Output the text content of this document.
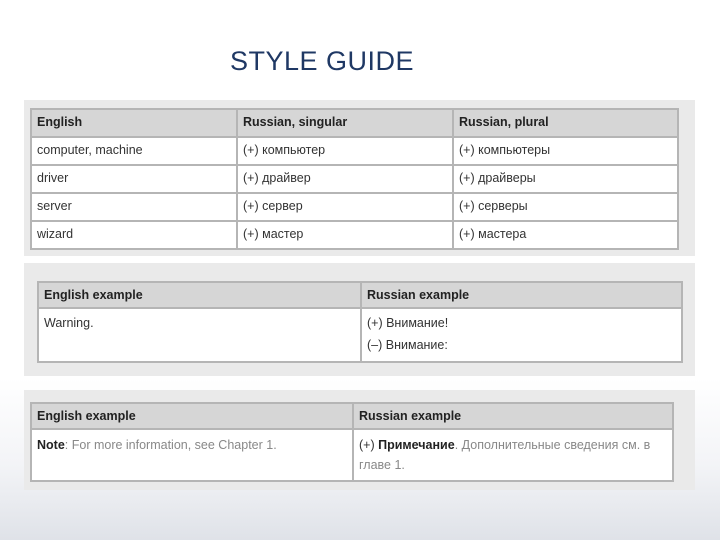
STYLE GUIDE
English	Russian, singular	Russian, plural
computer, machine	(+) компьютер	(+) компьютеры
driver	(+) драйвер	(+) драйверы
server	(+) сервер	(+) серверы
wizard	(+) мастер	(+) мастера
English example	Russian example

Warning.	(+) Внимание!
(–) Внимание:
English example	Russian example
Note: For more information, see Chapter 1.	(+) Примечание. Дополнительные сведения см. в главе 1.
